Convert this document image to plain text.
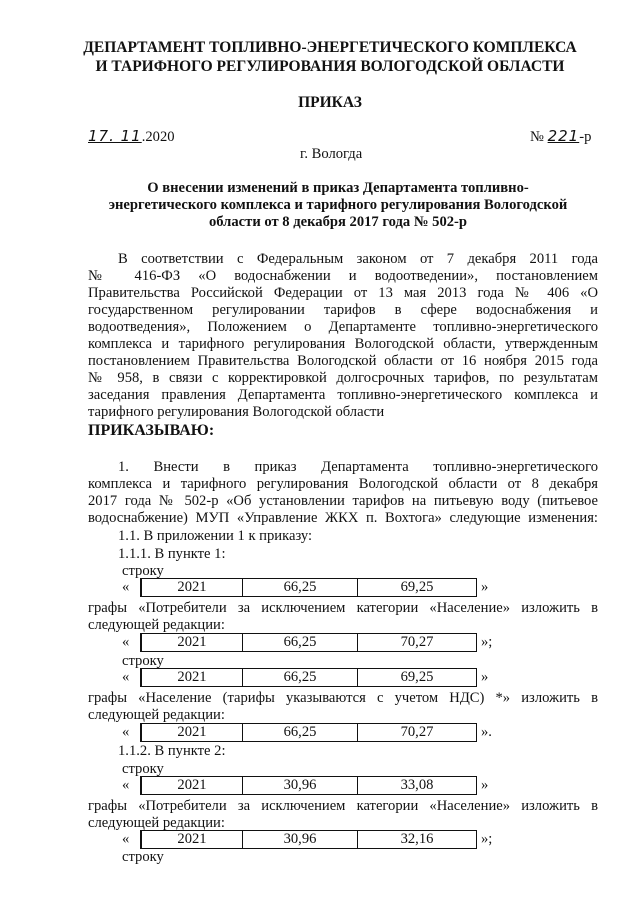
ДЕПАРТАМЕНТ ТОПЛИВНО-ЭНЕРГЕТИЧЕСКОГО КОМПЛЕКСА
И ТАРИФНОГО РЕГУЛИРОВАНИЯ ВОЛОГОДСКОЙ ОБЛАСТИ
ПРИКАЗ
17. 11.2020	№ 221-р
г. Вологда
О внесении изменений в приказ Департамента топливно-
энергетического комплекса и тарифного регулирования Вологодской
области от 8 декабря 2017 года № 502-р
В соответствии с Федеральным законом от 7 декабря 2011 года
№ 416-ФЗ «О водоснабжении и водоотведении», постановлением
Правительства Российской Федерации от 13 мая 2013 года № 406 «О
государственном регулировании тарифов в сфере водоснабжения и
водоотведения», Положением о Департаменте топливно-энергетического
комплекса и тарифного регулирования Вологодской области, утвержденным
постановлением Правительства Вологодской области от 16 ноября 2015 года
№ 958, в связи с корректировкой долгосрочных тарифов, по результатам
заседания правления Департамента топливно-энергетического комплекса и
тарифного регулирования Вологодской области
ПРИКАЗЫВАЮ:
1. Внести в приказ Департамента топливно-энергетического
комплекса и тарифного регулирования Вологодской области от 8 декабря
2017 года № 502-р «Об установлении тарифов на питьевую воду (питьевое
водоснабжение) МУП «Управление ЖКХ п. Вохтога» следующие изменения:
1.1. В приложении 1 к приказу:
1.1.1. В пункте 1:
строку
«	2021	66,25	69,25	»
графы «Потребители за исключением категории «Население» изложить в
следующей редакции:
«	2021	66,25	70,27	»;
строку
«	2021	66,25	69,25	»
графы «Население (тарифы указываются с учетом НДС) *» изложить в
следующей редакции:
«	2021	66,25	70,27	».
1.1.2. В пункте 2:
строку
«	2021	30,96	33,08	»
графы «Потребители за исключением категории «Население» изложить в
следующей редакции:
«	2021	30,96	32,16	»;
строку
